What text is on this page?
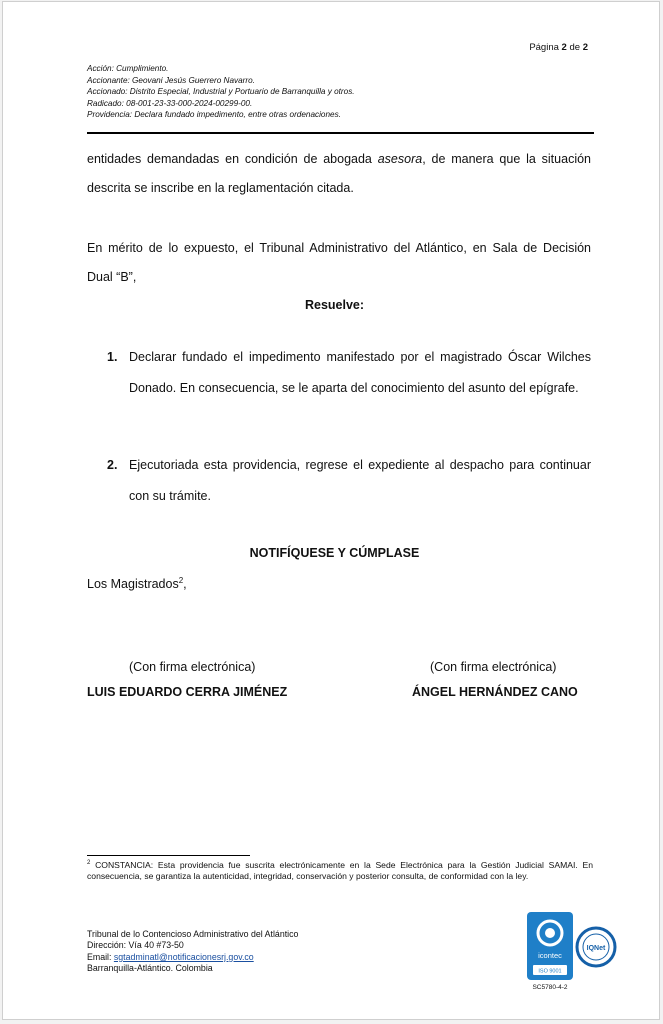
Página 2 de 2
Acción: Cumplimiento.
Accionante: Geovani Jesús Guerrero Navarro.
Accionado: Distrito Especial, Industrial y Portuario de Barranquilla y otros.
Radicado: 08-001-23-33-000-2024-00299-00.
Providencia: Declara fundado impedimento, entre otras ordenaciones.
entidades demandadas en condición de abogada asesora, de manera que la situación
descrita se inscribe en la reglamentación citada.
En mérito de lo expuesto, el Tribunal Administrativo del Atlántico, en Sala de Decisión
Dual “B”,
Resuelve:
1. Declarar fundado el impedimento manifestado por el magistrado Óscar Wilches Donado. En consecuencia, se le aparta del conocimiento del asunto del epígrafe.
2. Ejecutoriada esta providencia, regrese el expediente al despacho para continuar con su trámite.
NOTIFÍQUESE Y CÚMPLASE
Los Magistrados$^2$,
(Con firma electrónica)	(Con firma electrónica)
LUIS EDUARDO CERRA JIMÉNEZ	ÁNGEL HERNÁNDEZ CANO
$^2$ CONSTANCIA: Esta providencia fue suscrita electrónicamente en la Sede Electrónica para la Gestión Judicial SAMAI. En consecuencia, se garantiza la autenticidad, integridad, conservación y posterior consulta, de conformidad con la ley.
Tribunal de lo Contencioso Administrativo del Atlántico
Dirección: Vía 40 #73-50
Email: sgtadminatl@notificacionesrj.gov.co
Barranquilla-Atlántico. Colombia
icontec
ISO 9001
IQNet
SC5780-4-2
